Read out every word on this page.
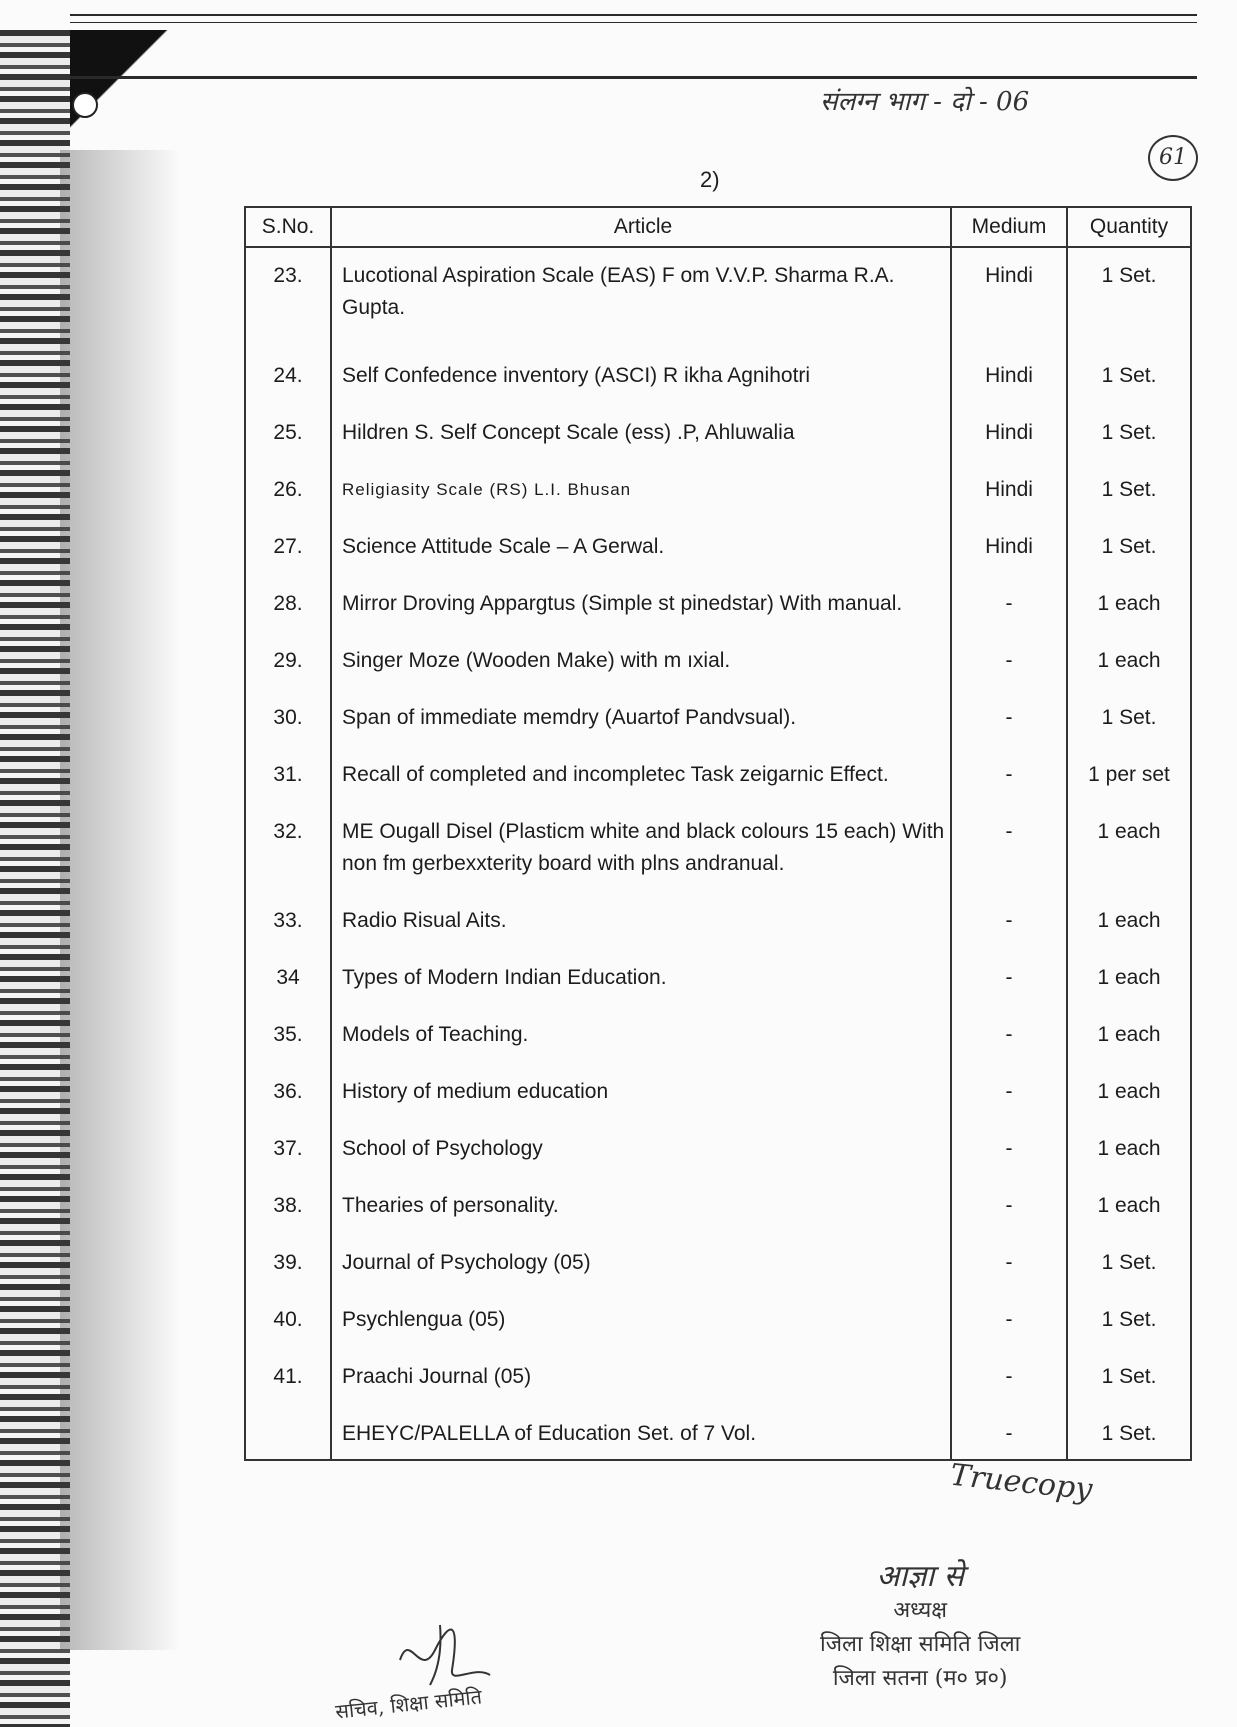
संलग्न भाग - दो - 06
61
2)
S.No.	Article	Medium	Quantity
23.	Lucotional Aspiration Scale (EAS) F om V.V.P. Sharma R.A. Gupta.	Hindi	1 Set.
24.	Self Confedence inventory (ASCI) R ikha Agnihotri	Hindi	1 Set.
25.	Hildren S. Self Concept Scale (ess) .P, Ahluwalia	Hindi	1 Set.
26.	Religiasity Scale (RS) L.I. Bhusan	Hindi	1 Set.
27.	Science Attitude Scale – A Gerwal.	Hindi	1 Set.
28.	Mirror Droving Appargtus (Simple st pinedstar) With manual.	-	1 each
29.	Singer Moze (Wooden Make) with m ıxial.	-	1 each
30.	Span of immediate memdry (Auartof Pandvsual).	-	1 Set.
31.	Recall of completed and incompletec Task zeigarnic Effect.	-	1 per set
32.	ME Ougall Disel (Plasticm white and black colours 15 each) With non fm gerbexxterity board with plns andranual.	-	1 each
33.	Radio Risual Aits.	-	1 each
34	Types of Modern Indian Education.	-	1 each
35.	Models of Teaching.	-	1 each
36.	History of medium education	-	1 each
37.	School of Psychology	-	1 each
38.	Thearies of personality.	-	1 each
39.	Journal of Psychology (05)	-	1 Set.
40.	Psychlengua (05)	-	1 Set.
41.	Praachi Journal (05)	-	1 Set.
	EHEYC/PALELLA of Education Set. of 7 Vol.	-	1 Set.
Truecopy
सचिव, शिक्षा समिति
आज्ञा से
अध्यक्ष
जिला शिक्षा समिति जिला
जिला सतना (म० प्र०)
